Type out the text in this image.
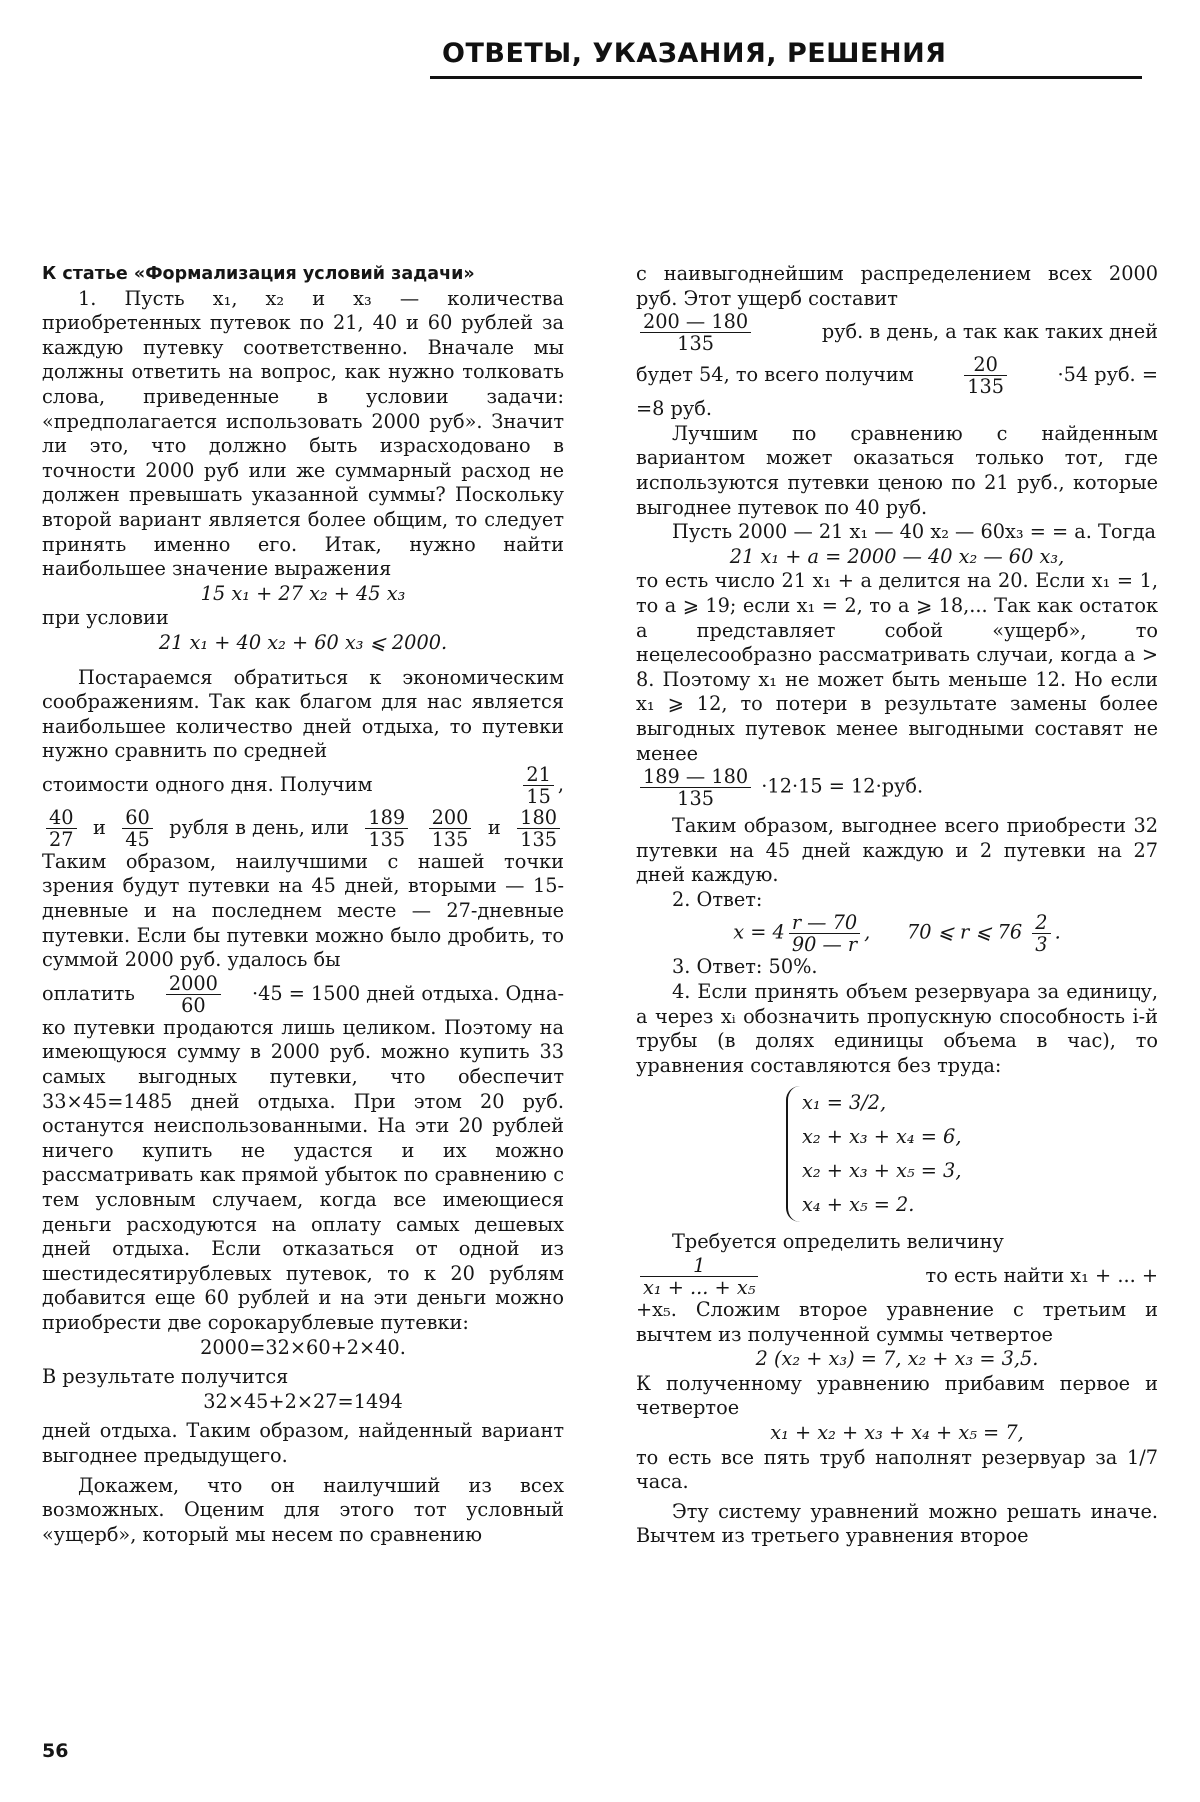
ОТВЕТЫ, УКАЗАНИЯ, РЕШЕНИЯ

К статье «Формализация условий задачи»

1. Пусть x₁, x₂ и x₃ — количества приобретенных путевок по 21, 40 и 60 рублей за каждую путевку соответственно. Вначале мы должны ответить на вопрос, как нужно толковать слова, приведенные в условии задачи: «предполагается использовать 2000 руб». Значит ли это, что должно быть израсходовано в точности 2000 руб или же суммарный расход не должен превышать указанной суммы? Поскольку второй вариант является более общим, то следует принять именно его. Итак, нужно найти наибольшее значение выражения

15 x₁ + 27 x₂ + 45 x₃

при условии

21 x₁ + 40 x₂ + 60 x₃ ⩽ 2000.

Постараемся обратиться к экономическим соображениям. Так как благом для нас является наибольшее количество дней отдыха, то путевки нужно сравнить по средней

стоимости одного дня. Получим	$\frac{21}{15}$ ,
$\frac{40}{27}$ и $\frac{60}{45}$ рубля в день, или $\frac{189}{135} \frac{200}{135}$ и $\frac{180}{135}$

Таким образом, наилучшими с нашей точки зрения будут путевки на 45 дней, вторыми — 15-дневные и на последнем месте — 27-дневные путевки. Если бы путевки можно было дробить, то суммой 2000 руб. удалось бы

оплатить $\frac{2000}{60} \cdot 45 = 1500$ дней отдыха. Одна-

ко путевки продаются лишь целиком. Поэтому на имеющуюся сумму в 2000 руб. можно купить 33 самых выгодных путевки, что обеспечит 33×45=1485 дней отдыха. При этом 20 руб. останутся неиспользованными. На эти 20 рублей ничего купить не удастся и их можно рассматривать как прямой убыток по сравнению с тем условным случаем, когда все имеющиеся деньги расходуются на оплату самых дешевых дней отдыха. Если отказаться от одной из шестидесятирублевых путевок, то к 20 рублям добавится еще 60 рублей и на эти деньги можно приобрести две сорокарублевые путевки:

2000=32×60+2×40.

В результате получится

32×45+2×27=1494

дней отдыха. Таким образом, найденный вариант выгоднее предыдущего.

Докажем, что он наилучший из всех возможных. Оценим для этого тот условный «ущерб», который мы несем по сравнению

с наивыгоднейшим распределением всех 2000 руб. Этот ущерб составит

$\frac{200 — 180}{135}$	руб. в день, а так как таких дней
будет 54, то всего получим	$\frac{20}{135}$	·54 руб. =

=8 руб.

Лучшим по сравнению с найденным вариантом может оказаться только тот, где используются путевки ценою по 21 руб., которые выгоднее путевок по 40 руб.

Пусть 2000 — 21 x₁ — 40 x₂ — 60x₃ = = a. Тогда

21 x₁ + a = 2000 — 40 x₂ — 60 x₃,

то есть число 21 x₁ + a делится на 20. Если x₁ = 1, то a ⩾ 19; если x₁ = 2, то a ⩾ 18,... Так как остаток a представляет собой «ущерб», то нецелесообразно рассматривать случаи, когда a > 8. Поэтому x₁ не может быть меньше 12. Но если x₁ ⩾ 12, то потери в результате замены более выгодных путевок менее выгодными составят не менее

$\frac{189 — 180}{135} \cdot 12\cdot 15 = 12\cdot руб$.

Таким образом, выгоднее всего приобрести 32 путевки на 45 дней каждую и 2 путевки на 27 дней каждую.

2. Ответ:

$x = 4 \frac{r — 70}{90 — r}$ ,      70 ⩽ r ⩽ $76 \frac{2}{3}$ .

3. Ответ: 50%.

4. Если принять объем резервуара за единицу, а через xᵢ обозначить пропускную способность i-й трубы (в долях единицы объема в час), то уравнения составляются без труда:

x₁ = 3/2,
x₂ + x₃ + x₄ = 6,
x₂ + x₃ + x₅ = 3,
x₄ + x₅ = 2.

Требуется определить величину

$\frac{1}{\text{x₁ + ... + x₅}}$	то есть найти x₁ + ... +

+x₅. Сложим второе уравнение с третьим и вычтем из полученной суммы четвертое

2 (x₂ + x₃) = 7, x₂ + x₃ = 3,5.

К полученному уравнению прибавим первое и четвертое

x₁ + x₂ + x₃ + x₄ + x₅ = 7,

то есть все пять труб наполнят резервуар за 1/7 часа.

Эту систему уравнений можно решать иначе. Вычтем из третьего уравнения второе

56
